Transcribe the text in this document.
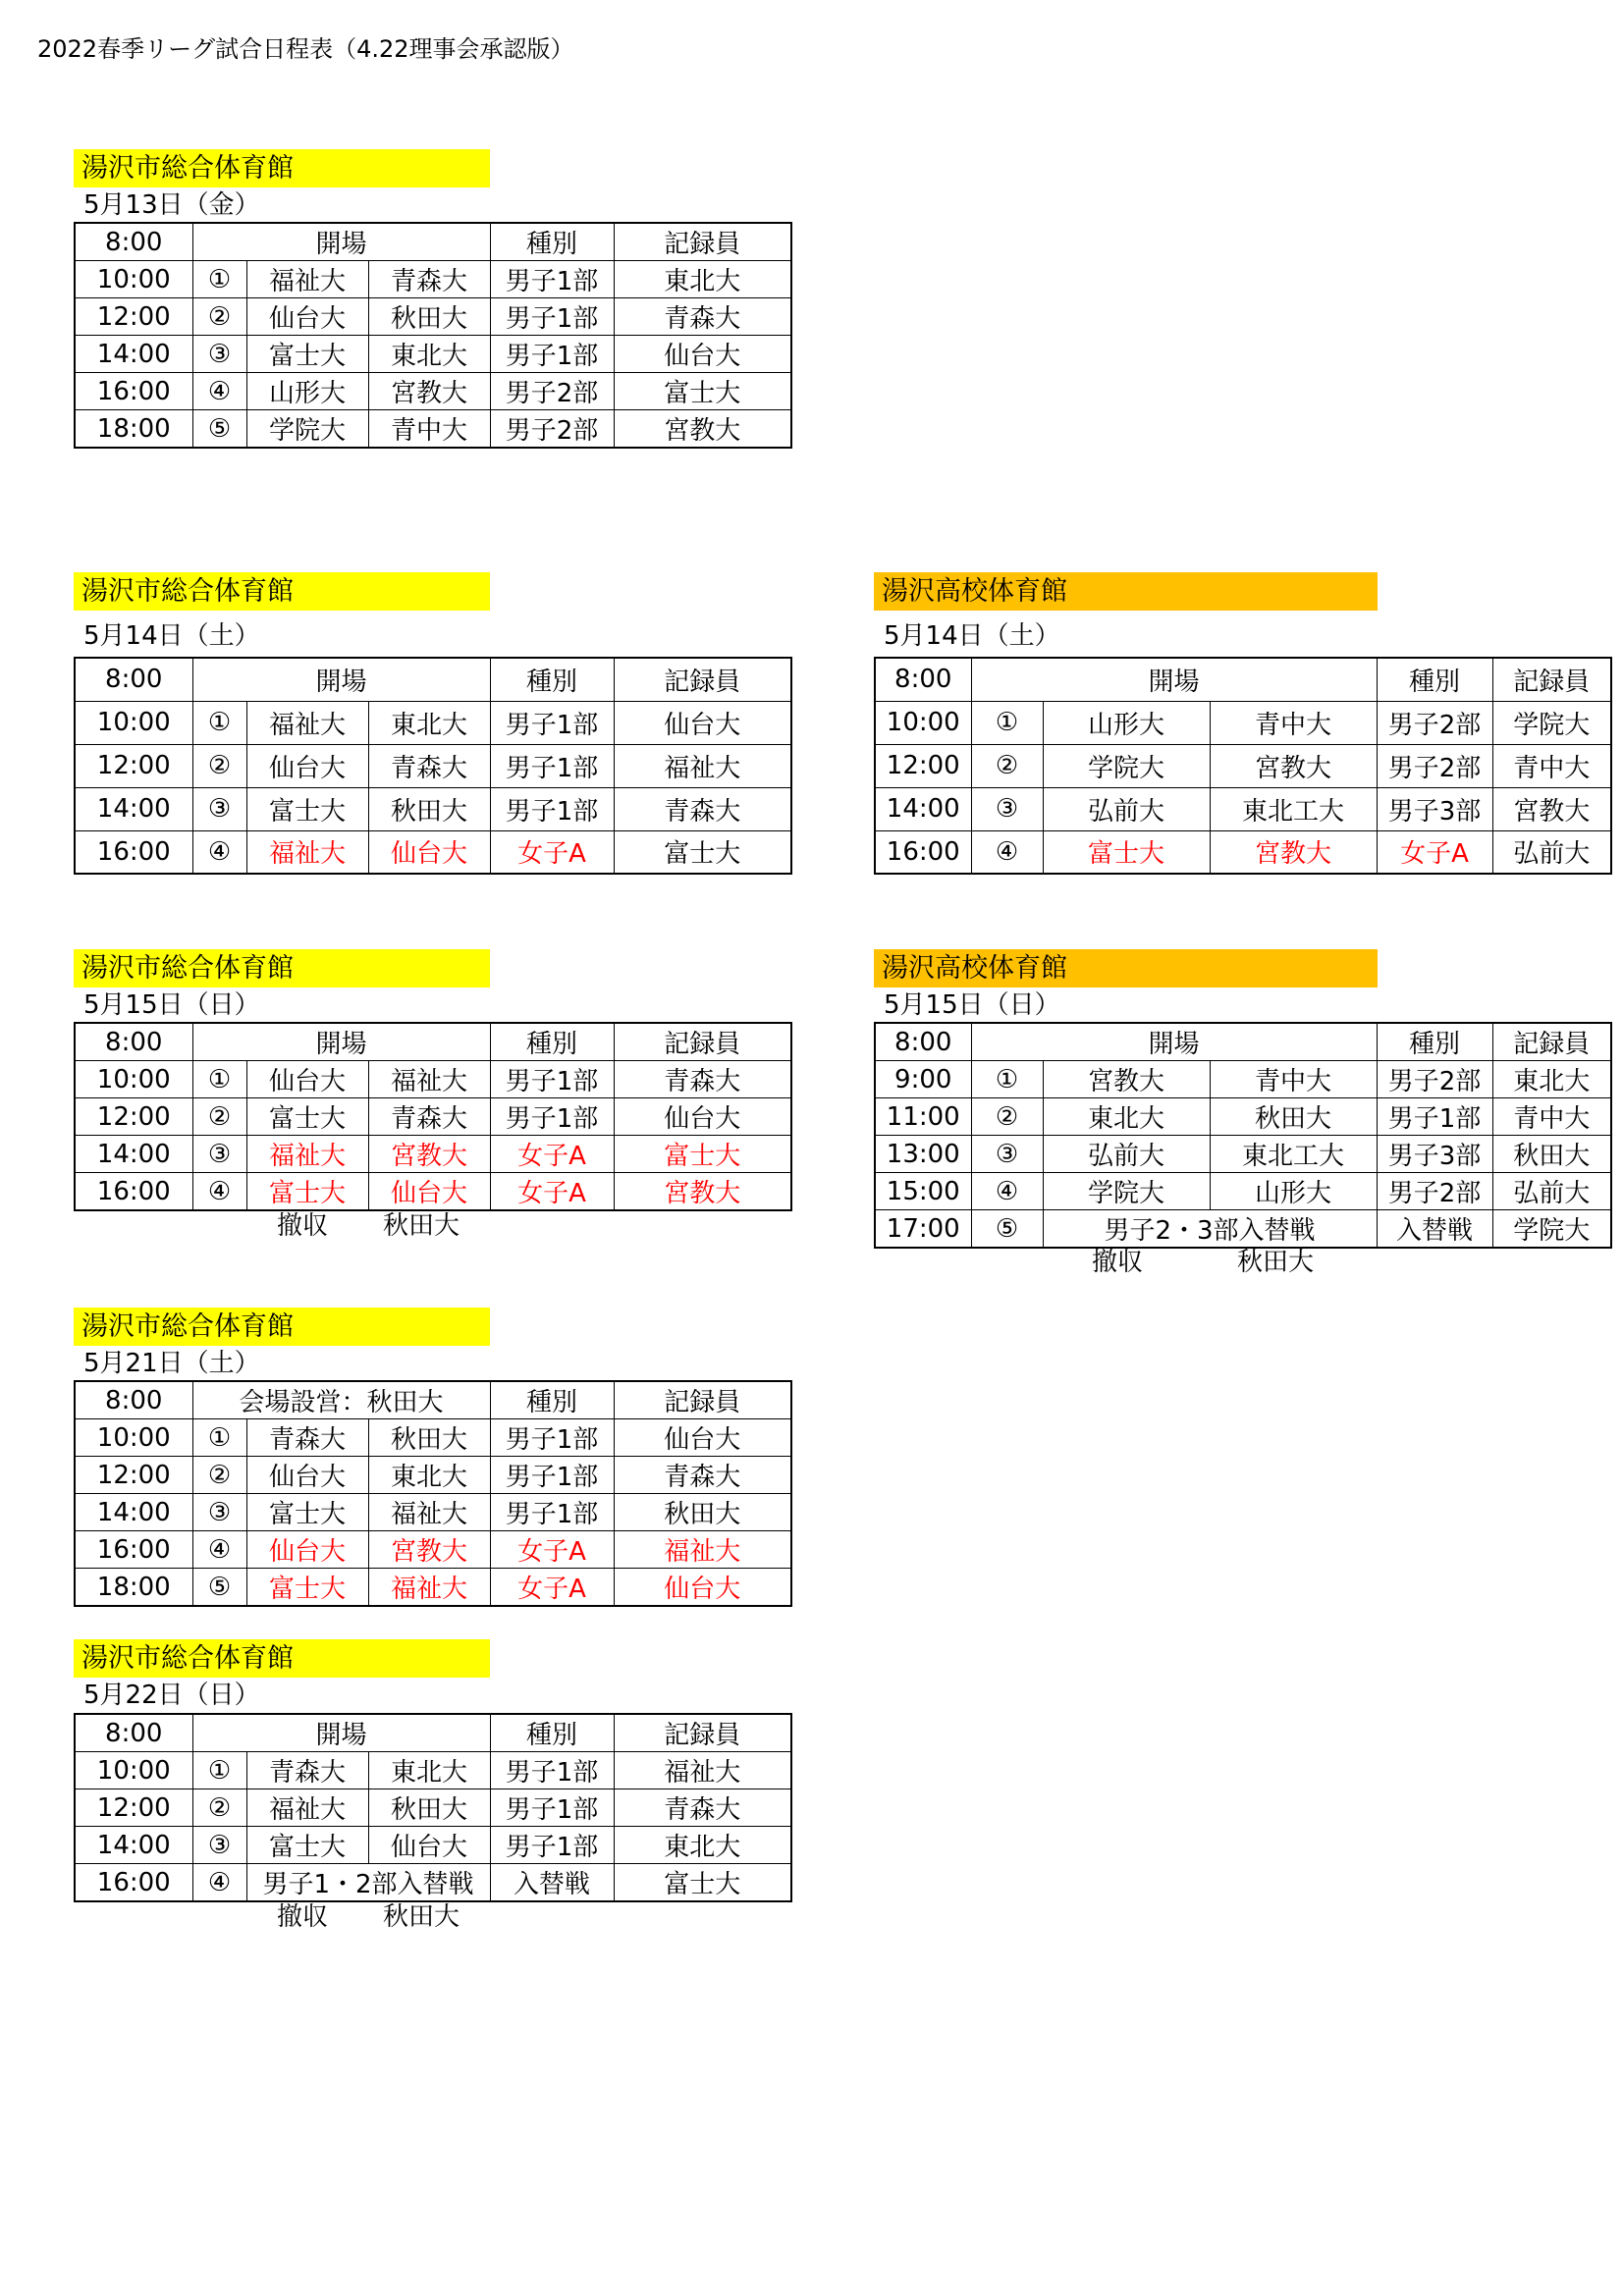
2022春季リーグ試合日程表（4.22理事会承認版）
湯沢市総合体育館
5月13日（金）
8:00	開場			種別	記録員
10:00	①	福祉大	青森大	男子1部	東北大
12:00	②	仙台大	秋田大	男子1部	青森大
14:00	③	富士大	東北大	男子1部	仙台大
16:00	④	山形大	宮教大	男子2部	富士大
18:00	⑤	学院大	青中大	男子2部	宮教大
湯沢市総合体育館
5月14日（土）
8:00	開場			種別	記録員
10:00	①	福祉大	東北大	男子1部	仙台大
12:00	②	仙台大	青森大	男子1部	福祉大
14:00	③	富士大	秋田大	男子1部	青森大
16:00	④	福祉大	仙台大	女子A	富士大
湯沢高校体育館
5月14日（土）
8:00	開場			種別	記録員
10:00	①	山形大	青中大	男子2部	学院大
12:00	②	学院大	宮教大	男子2部	青中大
14:00	③	弘前大	東北工大	男子3部	宮教大
16:00	④	富士大	宮教大	女子A	弘前大
湯沢市総合体育館
5月15日（日）
8:00	開場			種別	記録員
10:00	①	仙台大	福祉大	男子1部	青森大
12:00	②	富士大	青森大	男子1部	仙台大
14:00	③	福祉大	宮教大	女子A	富士大
16:00	④	富士大	仙台大	女子A	宮教大
撤収 秋田大
湯沢高校体育館
5月15日（日）
8:00	開場			種別	記録員
9:00	①	宮教大	青中大	男子2部	東北大
11:00	②	東北大	秋田大	男子1部	青中大
13:00	③	弘前大	東北工大	男子3部	秋田大
15:00	④	学院大	山形大	男子2部	弘前大
17:00	⑤	男子2・3部入替戦		入替戦	学院大
撤収	秋田大
湯沢市総合体育館
5月21日（土）
8:00	会場設営：秋田大			種別	記録員
10:00	①	青森大	秋田大	男子1部	仙台大
12:00	②	仙台大	東北大	男子1部	青森大
14:00	③	富士大	福祉大	男子1部	秋田大
16:00	④	仙台大	宮教大	女子A	福祉大
18:00	⑤	富士大	福祉大	女子A	仙台大
湯沢市総合体育館
5月22日（日）
8:00	開場			種別	記録員
10:00	①	青森大	東北大	男子1部	福祉大
12:00	②	福祉大	秋田大	男子1部	青森大
14:00	③	富士大	仙台大	男子1部	東北大
16:00	④	男子1・2部入替戦		入替戦	富士大
撤収 秋田大
